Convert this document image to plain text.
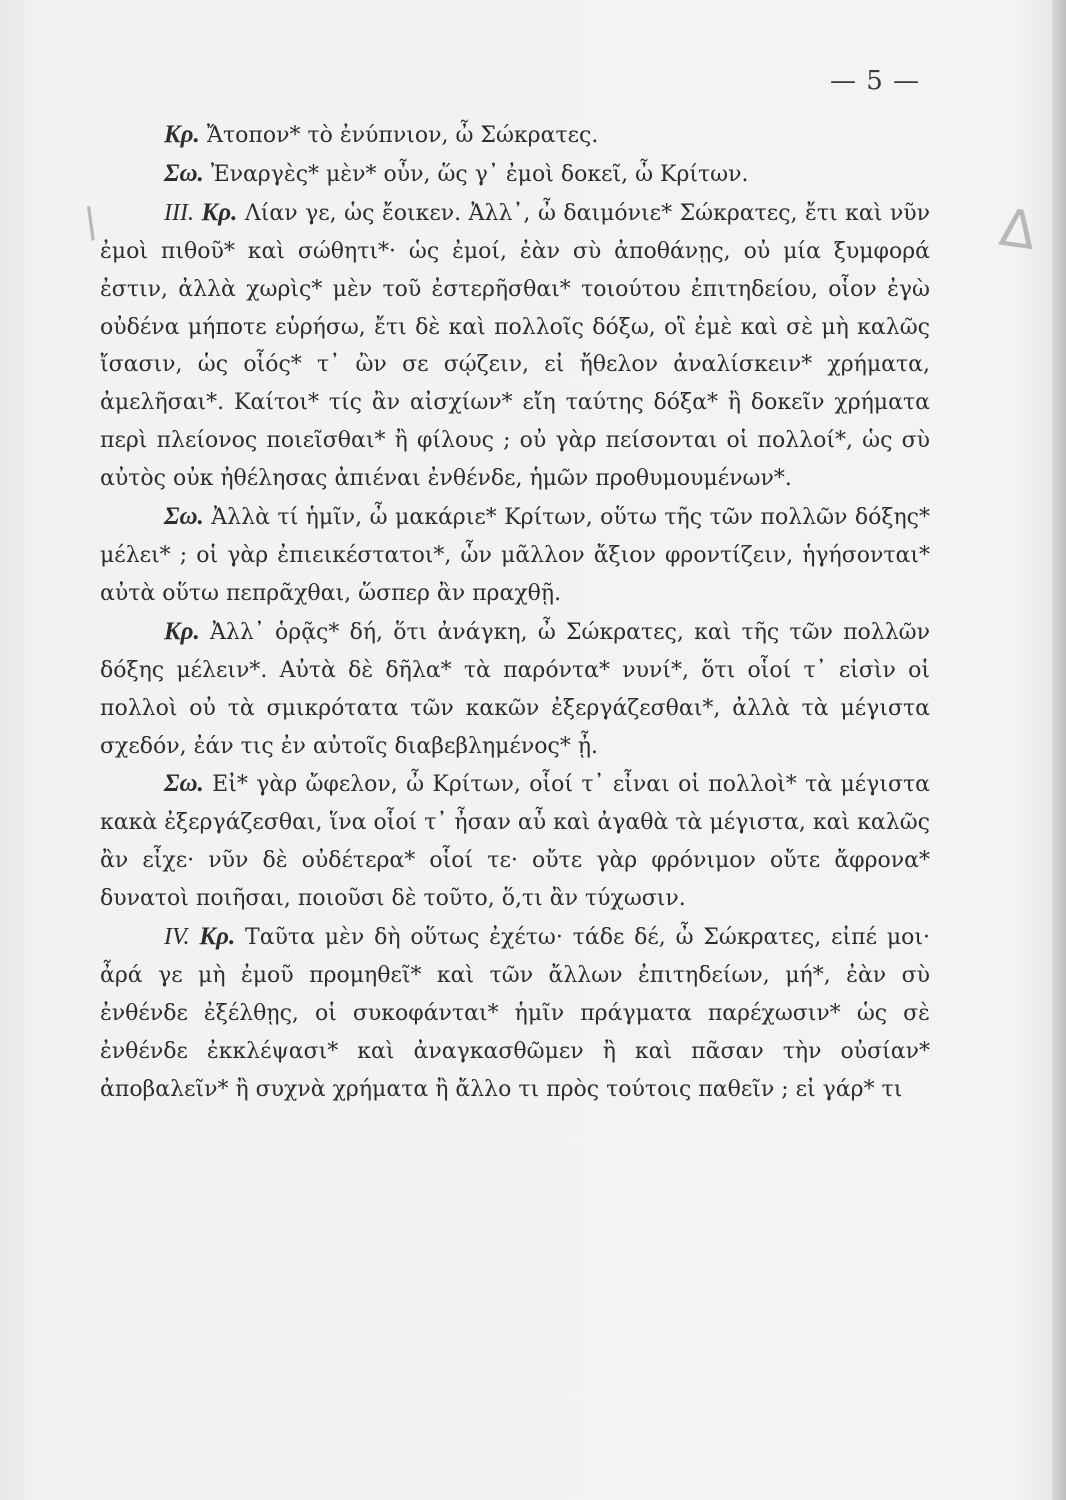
/	Δ
— 5 —

Κρ. Ἄτοπον* τὸ ἐνύπνιον, ὦ Σώκρατες.

Σω. Ἐναργὲς* μὲν* οὖν, ὥς γ᾽ ἐμοὶ δοκεῖ, ὦ Κρίτων.

III. Κρ. Λίαν γε, ὡς ἔοικεν. Ἀλλ᾽, ὦ δαιμόνιε* Σώκρατες, ἔτι καὶ νῦν ἐμοὶ πιθοῦ* καὶ σώθητι*· ὡς ἐμοί, ἐὰν σὺ ἀποθάνῃς, οὐ μία ξυμφορά ἐστιν, ἀλλὰ χωρὶς* μὲν τοῦ ἐστερῆσθαι* τοιούτου ἐπιτηδείου, οἷον ἐγὼ οὐδένα μήποτε εὑρήσω, ἔτι δὲ καὶ πολλοῖς δόξω, οἳ ἐμὲ καὶ σὲ μὴ καλῶς ἴσασιν, ὡς οἷός* τ᾽ ὢν σε σῴζειν, εἰ ἤθελον ἀναλίσκειν* χρήματα, ἀμελῆσαι*. Καίτοι* τίς ἂν αἰσχίων* εἴη ταύτης δόξα* ἢ δοκεῖν χρήματα περὶ πλείονος ποιεῖσθαι* ἢ φίλους ; οὐ γὰρ πείσονται οἱ πολλοί*, ὡς σὺ αὐτὸς οὐκ ἠθέλησας ἀπιέναι ἐνθένδε, ἡμῶν προθυμουμένων*.

Σω. Ἀλλὰ τί ἡμῖν, ὦ μακάριε* Κρίτων, οὕτω τῆς τῶν πολλῶν δόξης* μέλει* ; οἱ γὰρ ἐπιεικέστατοι*, ὧν μᾶλλον ἄξιον φροντίζειν, ἡγήσονται* αὐτὰ οὕτω πεπρᾶχθαι, ὥσπερ ἂν πραχθῇ.

Κρ. Ἀλλ᾽ ὁρᾷς* δή, ὅτι ἀνάγκη, ὦ Σώκρατες, καὶ τῆς τῶν πολλῶν δόξης μέλειν*. Αὐτὰ δὲ δῆλα* τὰ παρόντα* νυνί*, ὅτι οἷοί τ᾽ εἰσὶν οἱ πολλοὶ οὐ τὰ σμικρότατα τῶν κακῶν ἐξεργάζεσθαι*, ἀλλὰ τὰ μέγιστα σχεδόν, ἐάν τις ἐν αὐτοῖς διαβεβλημένος* ᾖ.

Σω. Εἰ* γὰρ ὤφελον, ὦ Κρίτων, οἷοί τ᾽ εἶναι οἱ πολλοὶ* τὰ μέγιστα κακὰ ἐξεργάζεσθαι, ἵνα οἷοί τ᾽ ἦσαν αὖ καὶ ἀγαθὰ τὰ μέγιστα, καὶ καλῶς ἂν εἶχε· νῦν δὲ οὐδέτερα* οἷοί τε· οὔτε γὰρ φρόνιμον οὔτε ἄφρονα* δυνατοὶ ποιῆσαι, ποιοῦσι δὲ τοῦτο, ὅ,τι ἂν τύχωσιν.

IV. Κρ. Ταῦτα μὲν δὴ οὕτως ἐχέτω· τάδε δέ, ὦ Σώκρατες, εἰπέ μοι· ἆρά γε μὴ ἐμοῦ προμηθεῖ* καὶ τῶν ἄλλων ἐπιτηδείων, μή*, ἐὰν σὺ ἐνθένδε ἐξέλθῃς, οἱ συκοφάνται* ἡμῖν πράγματα παρέχωσιν* ὡς σὲ ἐνθένδε ἐκκλέψασι* καὶ ἀναγκασθῶμεν ἢ καὶ πᾶσαν τὴν οὐσίαν* ἀποβαλεῖν* ἢ συχνὰ χρήματα ἢ ἄλλο τι πρὸς τούτοις παθεῖν ; εἰ γάρ* τι
